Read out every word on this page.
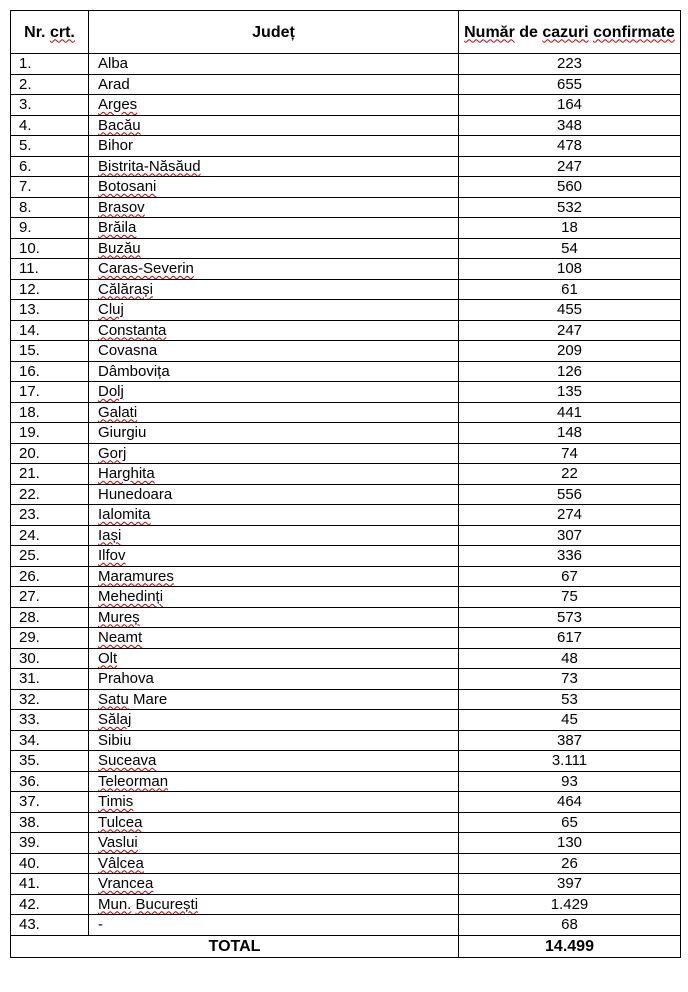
Nr. crt.	Județ	Număr de cazuri confirmate
1.	Alba	223
2.	Arad	655
3.	Arges	164
4.	Bacău	348
5.	Bihor	478
6.	Bistrita-Năsăud	247
7.	Botosani	560
8.	Brasov	532
9.	Brăila	18
10.	Buzău	54
11.	Caras-Severin	108
12.	Călărași	61
13.	Cluj	455
14.	Constanta	247
15.	Covasna	209
16.	Dâmbovița	126
17.	Dolj	135
18.	Galati	441
19.	Giurgiu	148
20.	Gorj	74
21.	Harghita	22
22.	Hunedoara	556
23.	Ialomita	274
24.	Iași	307
25.	Ilfov	336
26.	Maramures	67
27.	Mehedinți	75
28.	Mureș	573
29.	Neamt	617
30.	Olt	48
31.	Prahova	73
32.	Satu Mare	53
33.	Sălaj	45
34.	Sibiu	387
35.	Suceava	3.111
36.	Teleorman	93
37.	Timis	464
38.	Tulcea	65
39.	Vaslui	130
40.	Vâlcea	26
41.	Vrancea	397
42.	Mun. București	1.429
43.	-	68
TOTAL		14.499
